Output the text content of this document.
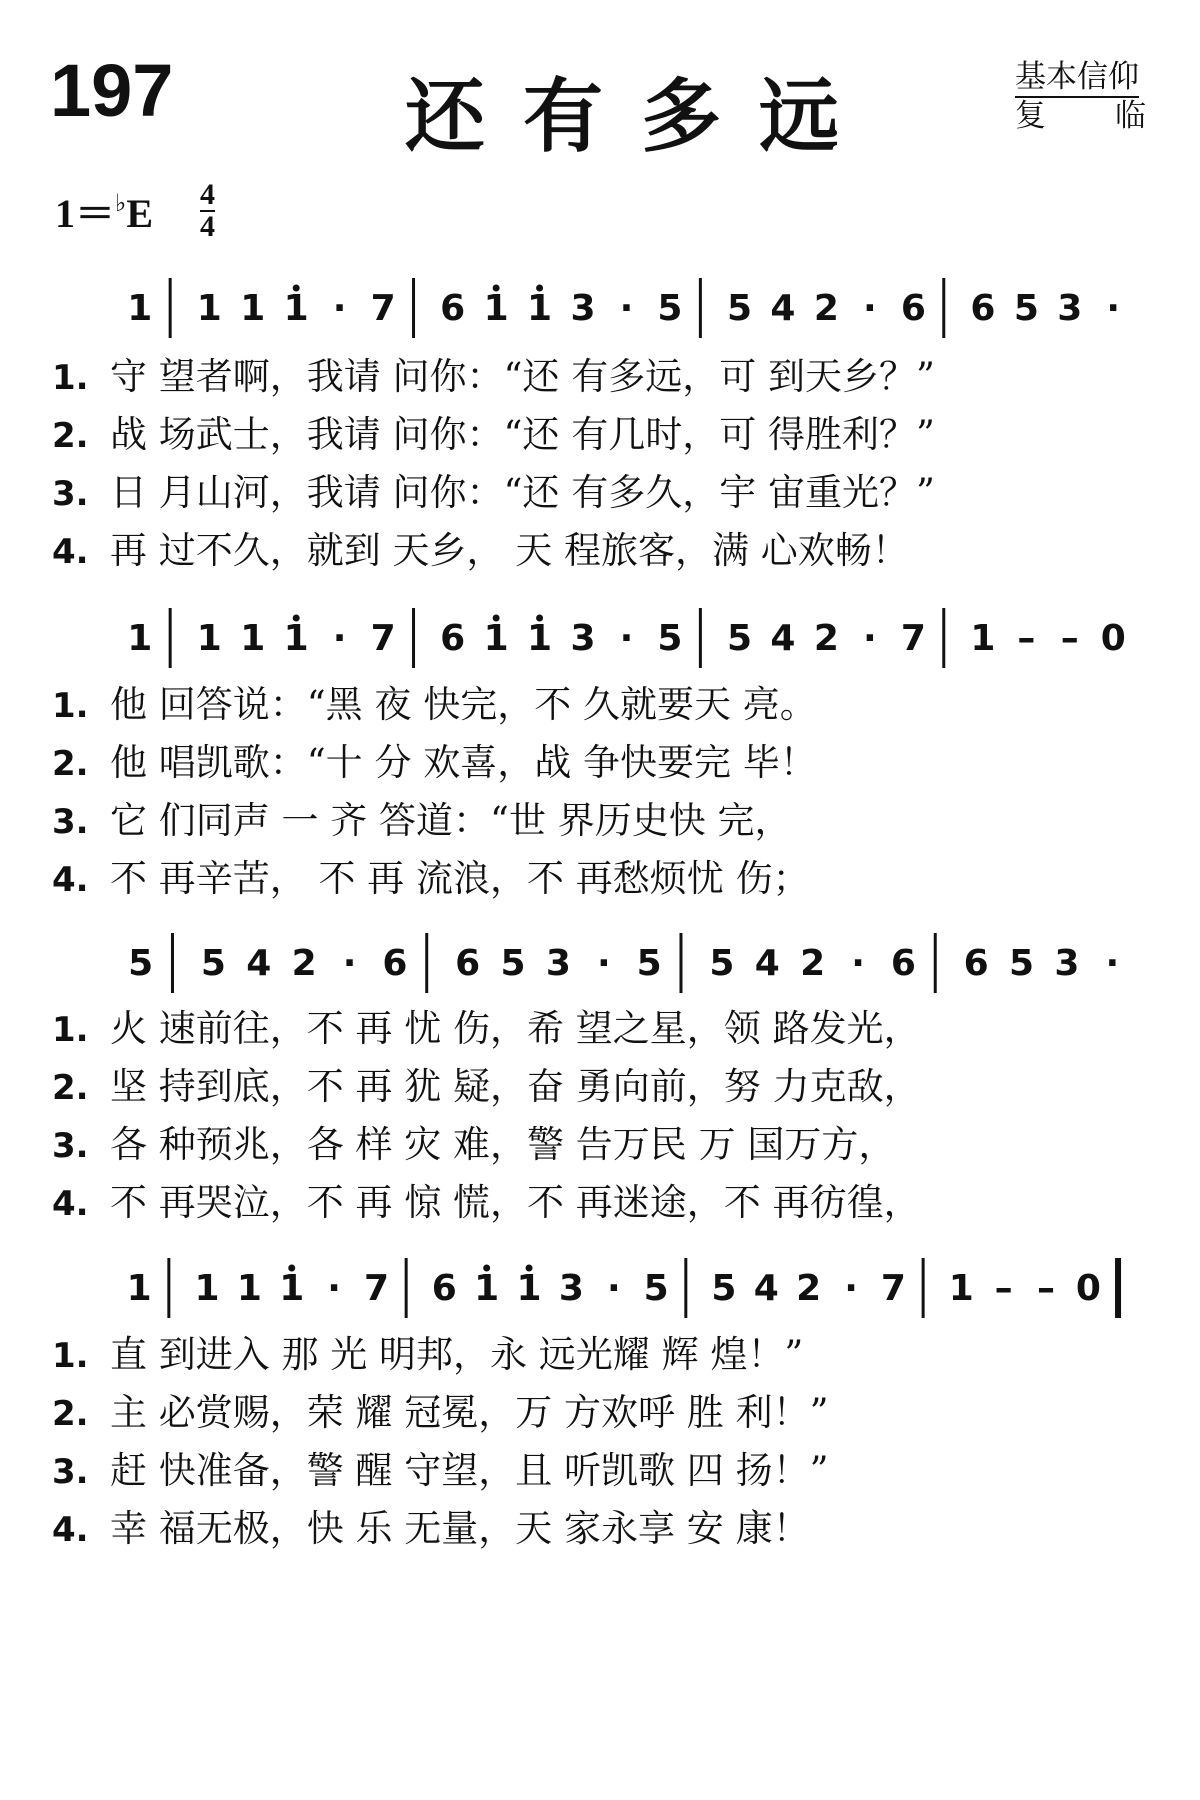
197	还有多远	基本信仰
复 临
$1=^♭E \frac{4}{4}$
1 1 1 1 · 7 6 1 1 3 · 5 5 4 2 · 6 6 5 3 ·
1. 守 望者啊，我请 问你：“还 有多远，可 到天乡？”
2. 战 场武士，我请 问你：“还 有几时，可 得胜利？”
3. 日 月山河，我请 问你：“还 有多久，宇 宙重光？”
4. 再 过不久，就到 天乡， 天 程旅客，满 心欢畅！
1 1 1 1 · 7 6 1 1 3 · 5 5 4 2 · 7 1 – – 0
1. 他 回答说：“黑 夜 快完，不 久就要天 亮。
2. 他 唱凯歌：“十 分 欢喜，战 争快要完 毕！
3. 它 们同声 一 齐 答道：“世 界历史快 完，
4. 不 再辛苦， 不 再 流浪，不 再愁烦忧 伤；
5 5 4 2 · 6 6 5 3 · 5 5 4 2 · 6 6 5 3 ·
1. 火 速前往，不 再 忧 伤，希 望之星，领 路发光，
2. 坚 持到底，不 再 犹 疑，奋 勇向前，努 力克敌，
3. 各 种预兆，各 样 灾 难，警 告万民 万 国万方，
4. 不 再哭泣，不 再 惊 慌，不 再迷途，不 再彷徨，
1 1 1 1 · 7 6 1 1 3 · 5 5 4 2 · 7 1 – – 0
1. 直 到进入 那 光 明邦，永 远光耀 辉 煌！”
2. 主 必赏赐，荣 耀 冠冕，万 方欢呼 胜 利！”
3. 赶 快准备，警 醒 守望，且 听凯歌 四 扬！”
4. 幸 福无极，快 乐 无量，天 家永享 安 康！
